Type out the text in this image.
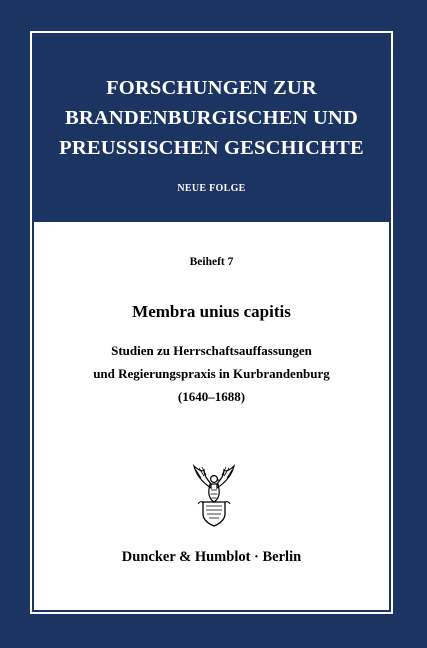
FORSCHUNGEN ZUR
BRANDENBURGISCHEN UND
PREUSSISCHEN GESCHICHTE
NEUE FOLGE
Beiheft 7
Membra unius capitis
Studien zu Herrschaftsauffassungen
und Regierungspraxis in Kurbrandenburg
(1640–1688)
Duncker & Humblot · Berlin
